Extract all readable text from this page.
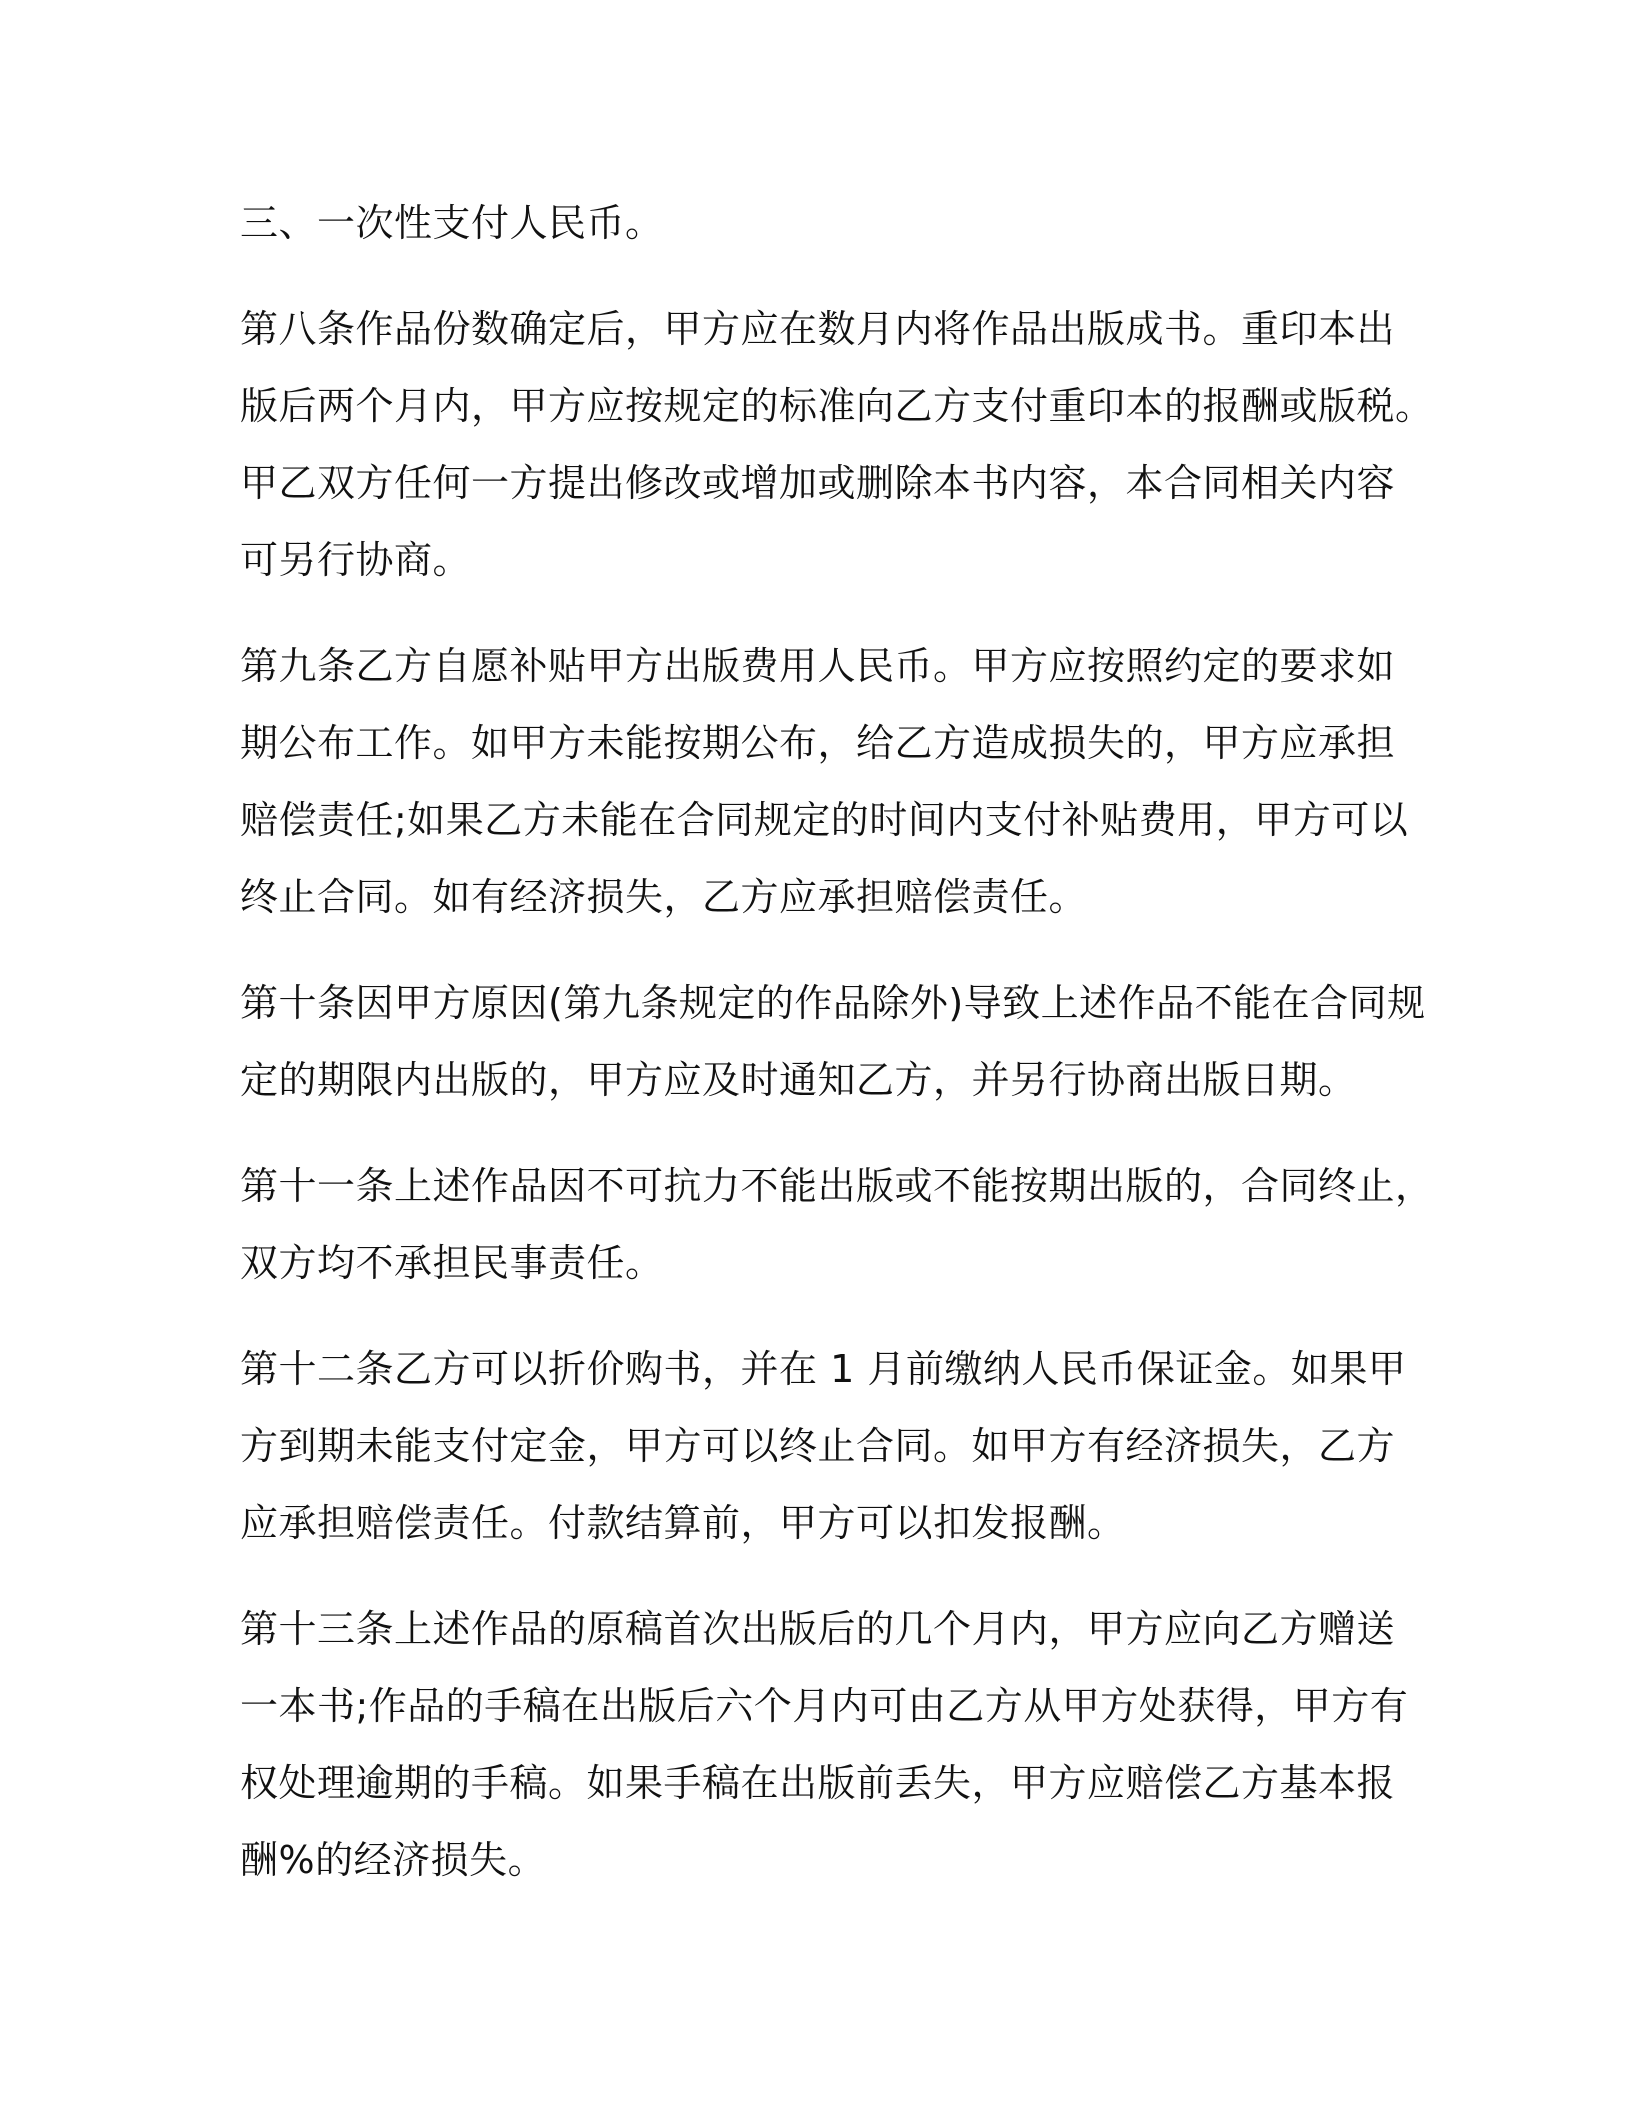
三、一次性支付人民币。

第八条作品份数确定后，甲方应在数月内将作品出版成书。重印本出
版后两个月内，甲方应按规定的标准向乙方支付重印本的报酬或版税。
甲乙双方任何一方提出修改或增加或删除本书内容，本合同相关内容
可另行协商。

第九条乙方自愿补贴甲方出版费用人民币。甲方应按照约定的要求如
期公布工作。如甲方未能按期公布，给乙方造成损失的，甲方应承担
赔偿责任;如果乙方未能在合同规定的时间内支付补贴费用，甲方可以
终止合同。如有经济损失，乙方应承担赔偿责任。

第十条因甲方原因(第九条规定的作品除外)导致上述作品不能在合同规
定的期限内出版的，甲方应及时通知乙方，并另行协商出版日期。

第十一条上述作品因不可抗力不能出版或不能按期出版的，合同终止，
双方均不承担民事责任。

第十二条乙方可以折价购书，并在 1 月前缴纳人民币保证金。如果甲
方到期未能支付定金，甲方可以终止合同。如甲方有经济损失，乙方
应承担赔偿责任。付款结算前，甲方可以扣发报酬。

第十三条上述作品的原稿首次出版后的几个月内，甲方应向乙方赠送
一本书;作品的手稿在出版后六个月内可由乙方从甲方处获得，甲方有
权处理逾期的手稿。如果手稿在出版前丢失，甲方应赔偿乙方基本报
酬%的经济损失。
